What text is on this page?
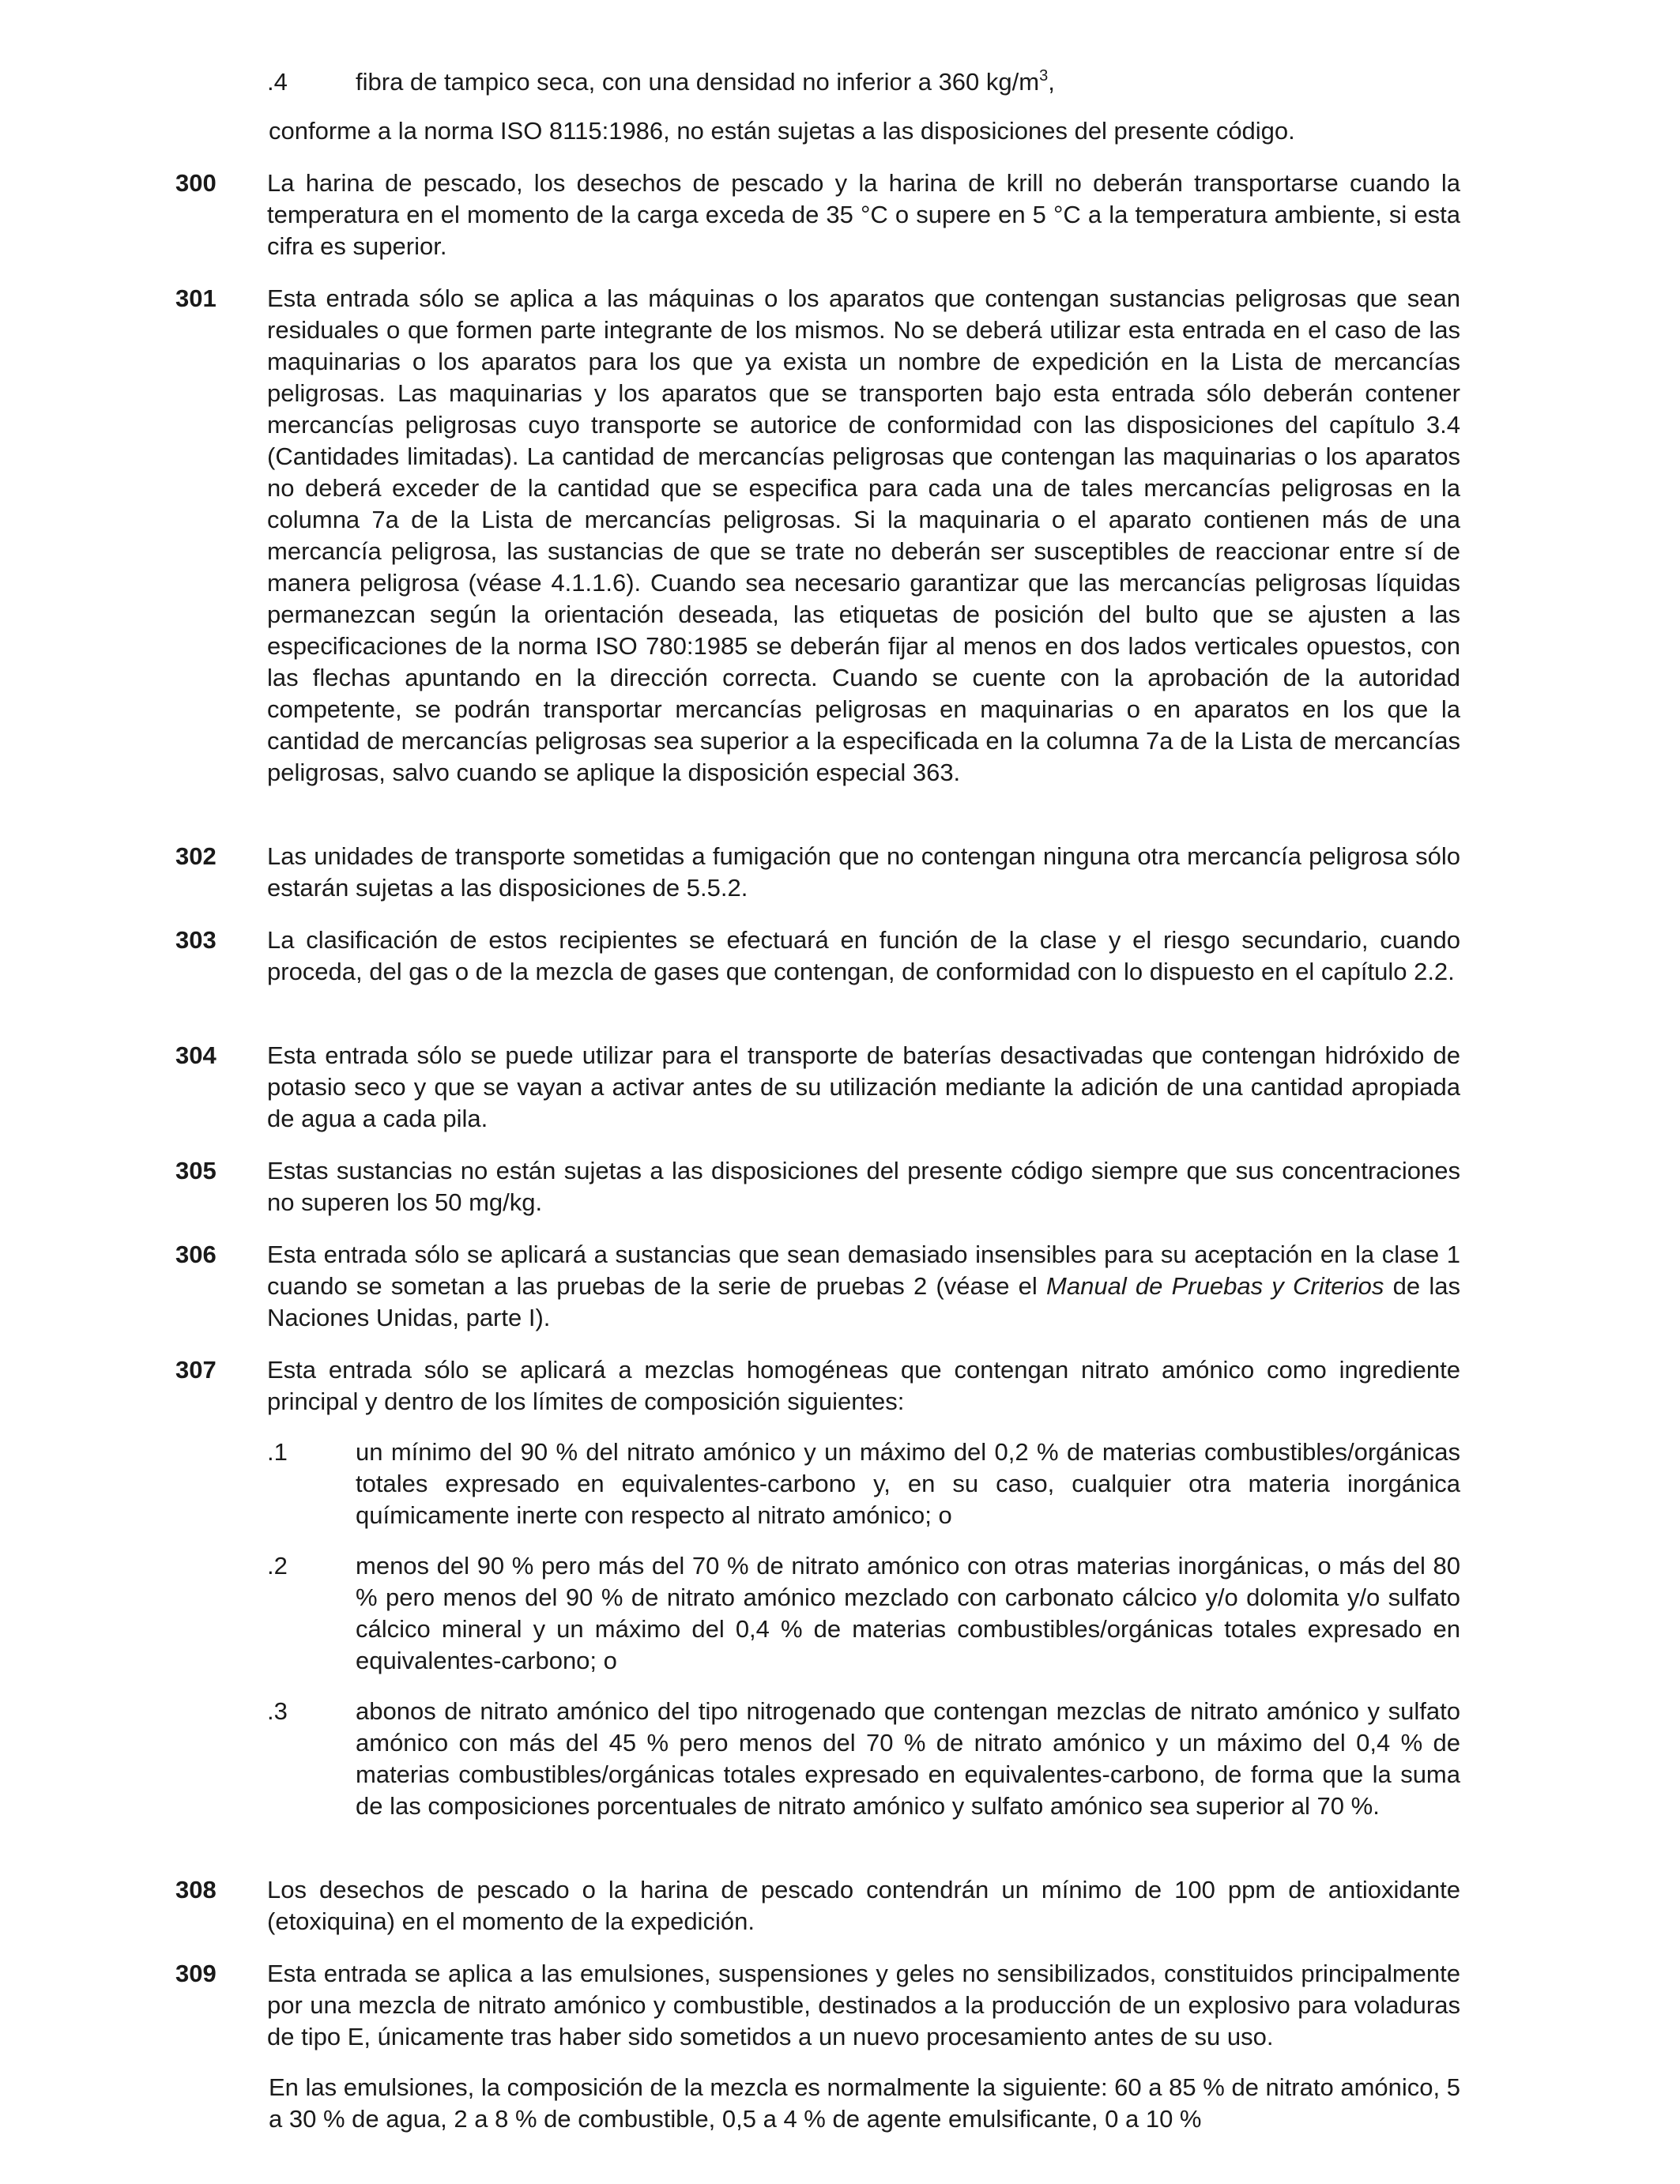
.4	fibra de tampico seca, con una densidad no inferior a 360 $kg/m^3$,
conforme a la norma ISO 8115:1986, no están sujetas a las disposiciones del presente código.
300	La harina de pescado, los desechos de pescado y la harina de krill no deberán transportarse cuando la temperatura en el momento de la carga exceda de 35 °C o supere en 5 °C a la temperatura ambiente, si esta cifra es superior.
301	Esta entrada sólo se aplica a las máquinas o los aparatos que contengan sustancias peligrosas que sean residuales o que formen parte integrante de los mismos. No se deberá utilizar esta entrada en el caso de las maquinarias o los aparatos para los que ya exista un nombre de expedición en la Lista de mercancías peligrosas. Las maquinarias y los aparatos que se transporten bajo esta entrada sólo deberán contener mercancías peligrosas cuyo transporte se autorice de conformidad con las disposiciones del capítulo 3.4 (Cantidades limitadas). La cantidad de mercancías peligrosas que contengan las maquinarias o los aparatos no deberá exceder de la cantidad que se especifica para cada una de tales mercancías peligrosas en la columna 7a de la Lista de mercancías peligrosas. Si la maquinaria o el aparato contienen más de una mercancía peligrosa, las sustancias de que se trate no deberán ser susceptibles de reaccionar entre sí de manera peligrosa (véase 4.1.1.6). Cuando sea necesario garantizar que las mercancías peligrosas líquidas permanezcan según la orientación deseada, las etiquetas de posición del bulto que se ajusten a las especificaciones de la norma ISO 780:1985 se deberán fijar al menos en dos lados verticales opuestos, con las flechas apuntando en la dirección correcta. Cuando se cuente con la aprobación de la autoridad competente, se podrán transportar mercancías peligrosas en maquinarias o en aparatos en los que la cantidad de mercancías peligrosas sea superior a la especificada en la columna 7a de la Lista de mercancías peligrosas, salvo cuando se aplique la disposición especial 363.
302	Las unidades de transporte sometidas a fumigación que no contengan ninguna otra mercancía peligrosa sólo estarán sujetas a las disposiciones de 5.5.2.
303	La clasificación de estos recipientes se efectuará en función de la clase y el riesgo secundario, cuando proceda, del gas o de la mezcla de gases que contengan, de conformidad con lo dispuesto en el capítulo 2.2.
304	Esta entrada sólo se puede utilizar para el transporte de baterías desactivadas que contengan hidróxido de potasio seco y que se vayan a activar antes de su utilización mediante la adición de una cantidad apropiada de agua a cada pila.
305	Estas sustancias no están sujetas a las disposiciones del presente código siempre que sus concentraciones no superen los 50 mg/kg.
306	Esta entrada sólo se aplicará a sustancias que sean demasiado insensibles para su aceptación en la clase 1 cuando se sometan a las pruebas de la serie de pruebas 2 (véase el Manual de Pruebas y Criterios de las Naciones Unidas, parte I).
307	Esta entrada sólo se aplicará a mezclas homogéneas que contengan nitrato amónico como ingrediente principal y dentro de los límites de composición siguientes:
.1	un mínimo del 90 % del nitrato amónico y un máximo del 0,2 % de materias combustibles/orgánicas totales expresado en equivalentes-carbono y, en su caso, cualquier otra materia inorgánica químicamente inerte con respecto al nitrato amónico; o
.2	menos del 90 % pero más del 70 % de nitrato amónico con otras materias inorgánicas, o más del 80 % pero menos del 90 % de nitrato amónico mezclado con carbonato cálcico y/o dolomita y/o sulfato cálcico mineral y un máximo del 0,4 % de materias combustibles/orgánicas totales expresado en equivalentes-carbono; o
.3	abonos de nitrato amónico del tipo nitrogenado que contengan mezclas de nitrato amónico y sulfato amónico con más del 45 % pero menos del 70 % de nitrato amónico y un máximo del 0,4 % de materias combustibles/orgánicas totales expresado en equivalentes-carbono, de forma que la suma de las composiciones porcentuales de nitrato amónico y sulfato amónico sea superior al 70 %.
308	Los desechos de pescado o la harina de pescado contendrán un mínimo de 100 ppm de antioxidante (etoxiquina) en el momento de la expedición.
309	Esta entrada se aplica a las emulsiones, suspensiones y geles no sensibilizados, constituidos principalmente por una mezcla de nitrato amónico y combustible, destinados a la producción de un explosivo para voladuras de tipo E, únicamente tras haber sido sometidos a un nuevo procesamiento antes de su uso.
En las emulsiones, la composición de la mezcla es normalmente la siguiente: 60 a 85 % de nitrato amónico, 5 a 30 % de agua, 2 a 8 % de combustible, 0,5 a 4 % de agente emulsificante, 0 a 10 %
